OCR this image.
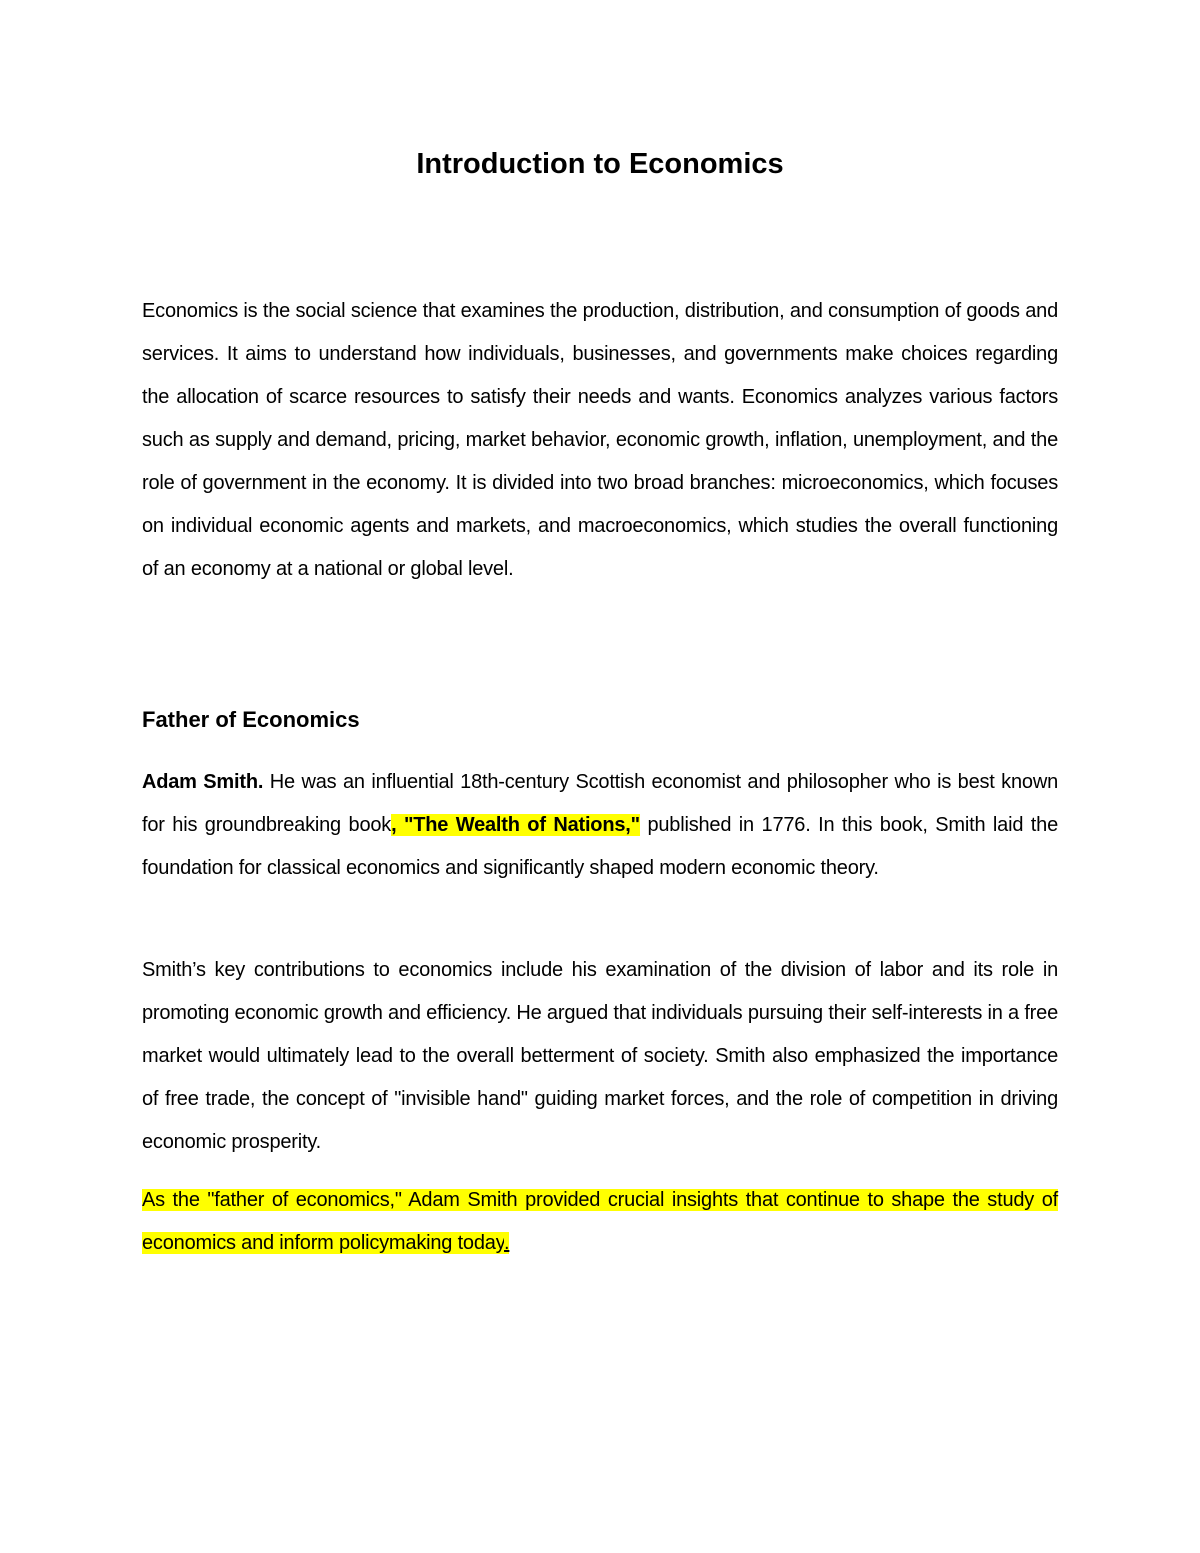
Introduction to Economics

Economics is the social science that examines the production, distribution, and consumption of goods and services. It aims to understand how individuals, businesses, and governments make choices regarding the allocation of scarce resources to satisfy their needs and wants. Economics analyzes various factors such as supply and demand, pricing, market behavior, economic growth, inflation, unemployment, and the role of government in the economy. It is divided into two broad branches: microeconomics, which focuses on individual economic agents and markets, and macroeconomics, which studies the overall functioning of an economy at a national or global level.

Father of Economics

Adam Smith. He was an influential 18th-century Scottish economist and philosopher who is best known for his groundbreaking book, "The Wealth of Nations," published in 1776. In this book, Smith laid the foundation for classical economics and significantly shaped modern economic theory.

Smith’s key contributions to economics include his examination of the division of labor and its role in promoting economic growth and efficiency. He argued that individuals pursuing their self-interests in a free market would ultimately lead to the overall betterment of society. Smith also emphasized the importance of free trade, the concept of "invisible hand" guiding market forces, and the role of competition in driving economic prosperity.

As the "father of economics," Adam Smith provided crucial insights that continue to shape the study of economics and inform policymaking today.
